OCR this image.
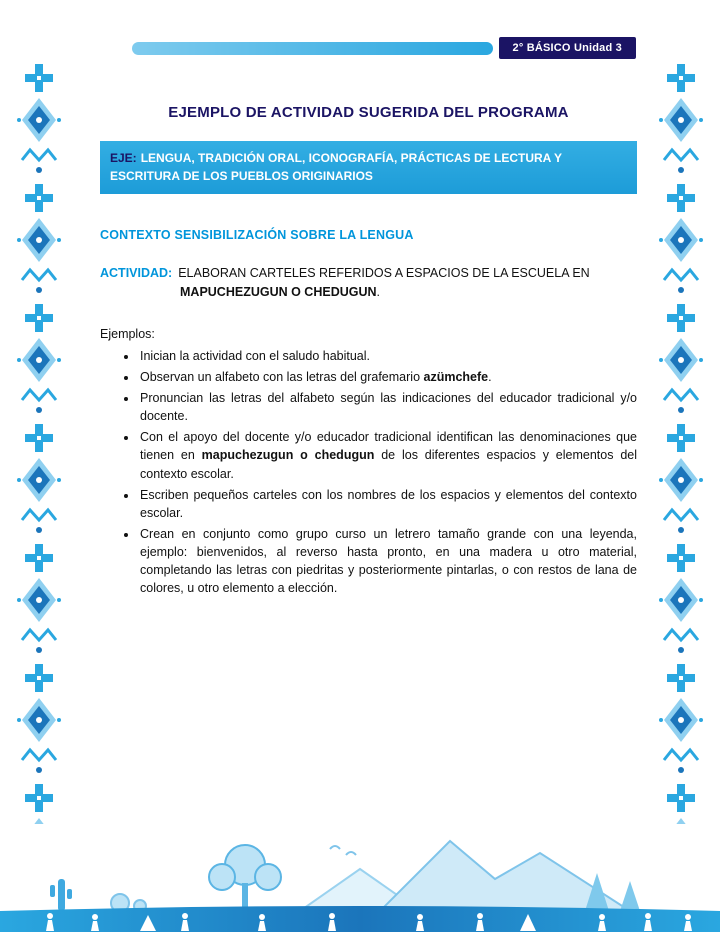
2° BÁSICO Unidad 3
EJEMPLO DE ACTIVIDAD SUGERIDA DEL PROGRAMA
EJE: LENGUA, TRADICIÓN ORAL, ICONOGRAFÍA, PRÁCTICAS DE LECTURA Y ESCRITURA DE LOS PUEBLOS ORIGINARIOS
CONTEXTO SENSIBILIZACIÓN SOBRE LA LENGUA

ACTIVIDAD: ELABORAN CARTELES REFERIDOS A ESPACIOS DE LA ESCUELA EN MAPUCHEZUGUN O CHEDUGUN.

Ejemplos:

• Inician la actividad con el saludo habitual.
• Observan un alfabeto con las letras del grafemario azümchefe.
• Pronuncian las letras del alfabeto según las indicaciones del educador tradicional y/o docente.
• Con el apoyo del docente y/o educador tradicional identifican las denominaciones que tienen en mapuchezugun o chedugun de los diferentes espacios y elementos del contexto escolar.
• Escriben pequeños carteles con los nombres de los espacios y elementos del contexto escolar.
• Crean en conjunto como grupo curso un letrero tamaño grande con una leyenda, ejemplo: bienvenidos, al reverso hasta pronto, en una madera u otro material, completando las letras con piedritas y posteriormente pintarlas, o con restos de lana de colores, u otro elemento a elección.
